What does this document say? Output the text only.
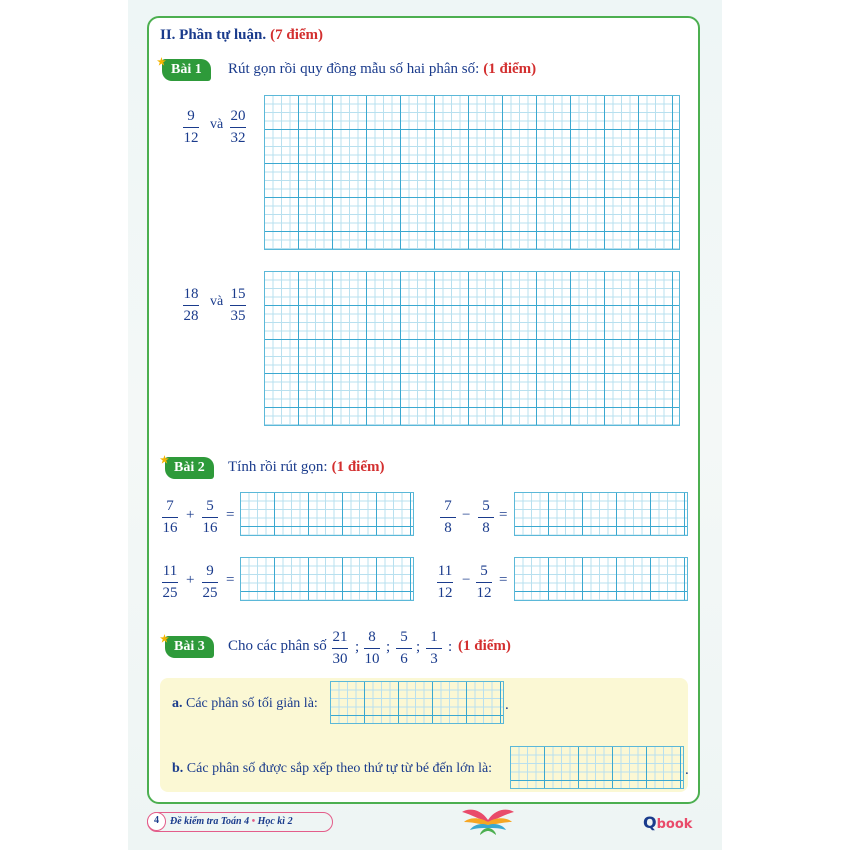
II. Phần tự luận. (7 điểm)
★ Bài 1	Rút gọn rồi quy đồng mẫu số hai phân số: (1 điểm)
9
12
và
20
32
18
28
và 15
35
★ Bài 2	Tính rồi rút gọn: (1 điểm)
7
16
+
5
16
=
7
8
−
5
8
=
11
25
+
9
25
=
11
12
−
5
12
=
★ Bài 3	Cho các phân số
21
30
;
8
10
;
5
6
;
1
3
: (1 điểm)
a. Các phân số tối giản là:	.
b. Các phân số được sắp xếp theo thứ tự từ bé đến lớn là:	.
4	Đề kiểm tra Toán 4 • Học kì 2	Qbook
